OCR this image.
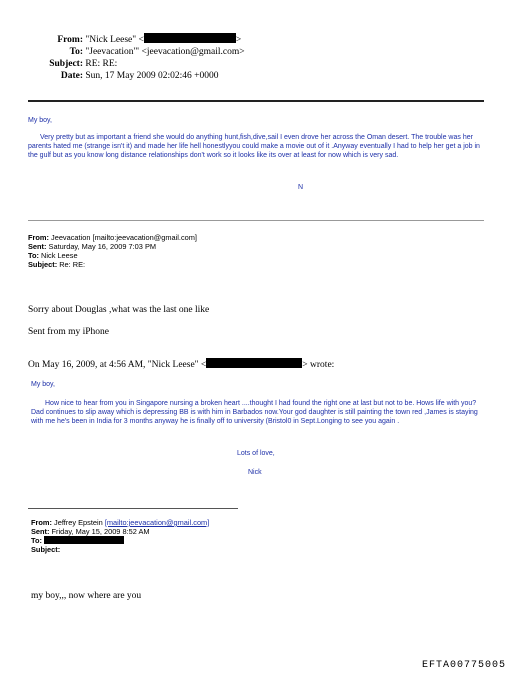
From: "Nick Leese" <	>
To: "Jeevacation'" <jeevacation@gmail.com>
Subject: RE: RE:
Date: Sun, 17 May 2009 02:02:46 +0000
My boy,
Very pretty but as important a friend she would do anything hunt,fish,dive,sail I even drove her across the Oman desert. The trouble was her parents hated me (strange isn't it) and made her life hell honestlyyou could make a movie out of it .Anyway eventually I had to help her get a job in the gulf but as you know long distance relationships don't work so it looks like its over at least for now which is very sad.
N
From: Jeevacation [mailto:jeevacation@gmail.com]
Sent: Saturday, May 16, 2009 7:03 PM
To: Nick Leese
Subject: Re: RE:
Sorry about Douglas ,what was the last one like
Sent from my iPhone
On May 16, 2009, at 4:56 AM, "Nick Leese" <	> wrote:
My boy,
How nice to hear from you in Singapore nursing a broken heart ....thought I had found the right one at last but not to be. Hows life with you? Dad continues to slip away which is depressing BB is with him in Barbados now.Your god daughter is still painting the town red ,James is staying with me he's been in India for 3 months anyway he is finally off to university (Bristol0 in Sept.Longing to see you again .
Lots of love,
Nick
From: Jeffrey Epstein [mailto:jeevacation@gmail.com]
Sent: Friday, May 15, 2009 8:52 AM
To:
Subject:
my boy,,, now where are you
EFTA00775005
